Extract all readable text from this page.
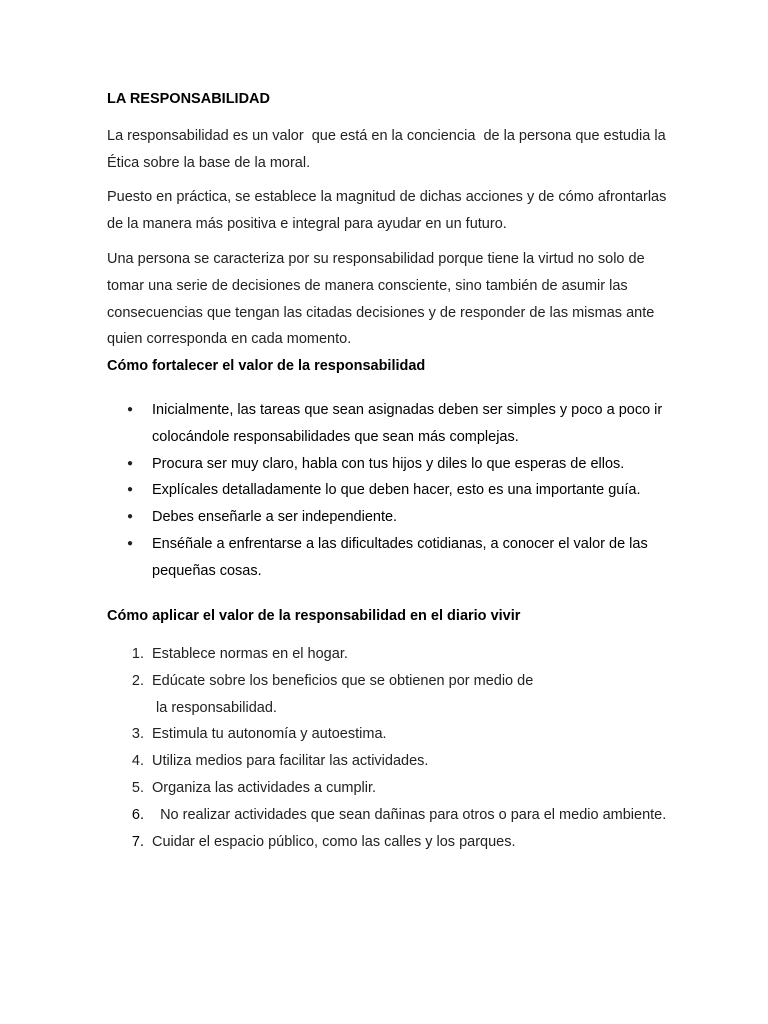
LA RESPONSABILIDAD

La responsabilidad es un valor  que está en la conciencia  de la persona que estudia la Ética sobre la base de la moral.

Puesto en práctica, se establece la magnitud de dichas acciones y de cómo afrontarlas de la manera más positiva e integral para ayudar en un futuro.

Una persona se caracteriza por su responsabilidad porque tiene la virtud no solo de tomar una serie de decisiones de manera consciente, sino también de asumir las consecuencias que tengan las citadas decisiones y de responder de las mismas ante quien corresponda en cada momento.

Cómo fortalecer el valor de la responsabilidad
● Inicialmente, las tareas que sean asignadas deben ser simples y poco a poco ir colocándole responsabilidades que sean más complejas.
● Procura ser muy claro, habla con tus hijos y diles lo que esperas de ellos.
● Explícales detalladamente lo que deben hacer, esto es una importante guía.
● Debes enseñarle a ser independiente.
● Enséñale a enfrentarse a las dificultades cotidianas, a conocer el valor de las pequeñas cosas.
Cómo aplicar el valor de la responsabilidad en el diario vivir
1. Establece normas en el hogar.
2. Edúcate sobre los beneficios que se obtienen por medio de
la responsabilidad.
3. Estimula tu autonomía y autoestima.
4. Utiliza medios para facilitar las actividades.
5. Organiza las actividades a cumplir.
6. No realizar actividades que sean dañinas para otros o para el medio ambiente.
7. Cuidar el espacio público, como las calles y los parques.
